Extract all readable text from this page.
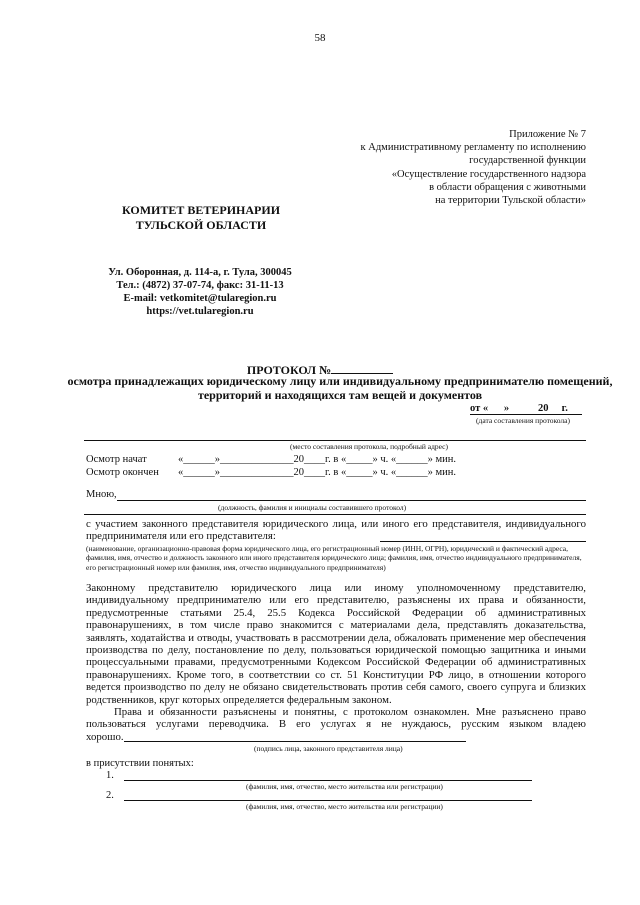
58
Приложение № 7
к Административному регламенту по исполнению
государственной функции
«Осуществление государственного надзора
в области обращения с животными
на территории Тульской области»
КОМИТЕТ ВЕТЕРИНАРИИ ТУЛЬСКОЙ ОБЛАСТИ
Ул. Оборонная, д. 114-а, г. Тула, 300045
Тел.: (4872) 37-07-74, факс: 31-11-13
E-mail: vetkomitet@tularegion.ru
https://vet.tularegion.ru
ПРОТОКОЛ №
осмотра принадлежащих юридическому лицу или индивидуальному предпринимателю помещений, территорий и находящихся там вещей и документов
от «      »           20     г.
(дата составления протокола)
(место составления протокола, подробный адрес)
Осмотр начат	«______»______________20____г. в «_____» ч. «______» мин.
Осмотр окончен «______»______________20____г. в «_____» ч. «______» мин.
Мною,
(должность, фамилия и инициалы составившего протокол)
с участием законного представителя юридического лица, или иного его представителя, индивидуального предпринимателя или его представителя:
(наименование, организационно-правовая форма юридического лица, его регистрационный номер (ИНН, ОГРН), юридический и фактический адреса, фамилия, имя, отчество и должность законного или иного представителя юридического лица; фамилия, имя, отчество индивидуального предпринимателя, его регистрационный номер или фамилия, имя, отчество индивидуального предпринимателя)
Законному представителю юридического лица или иному уполномоченному представителю, индивидуальному предпринимателю или его представителю, разъяснены их права и обязанности, предусмотренные статьями 25.4, 25.5 Кодекса Российской Федерации об административных правонарушениях, в том числе право знакомится с материалами дела, представлять доказательства, заявлять, ходатайства и отводы, участвовать в рассмотрении дела, обжаловать применение мер обеспечения производства по делу, постановление по делу, пользоваться юридической помощью защитника и иными процессуальными правами, предусмотренными Кодексом Российской Федерации об административных правонарушениях. Кроме того, в соответствии со ст. 51 Конституции РФ лицо, в отношении которого ведется производство по делу не обязано свидетельствовать против себя самого, своего супруга и близких родственников, круг которых определяется федеральным законом.
Права и обязанности разъяснены и понятны, с протоколом ознакомлен. Мне разъяснено право
пользоваться услугами переводчика. В его услугах я не нуждаюсь, русским языком владею
хорошо.
(подпись лица, законного представителя лица)
в присутствии понятых:
1.
(фамилия, имя, отчество, место жительства или регистрации)
2.
(фамилия, имя, отчество, место жительства или регистрации)
